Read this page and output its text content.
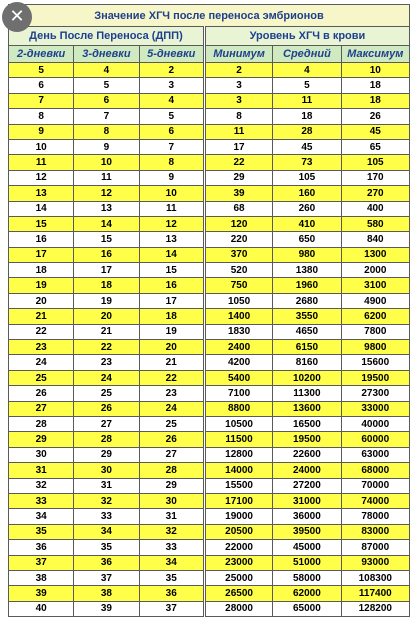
✕	Значение ХГЧ после переноса эмбрионов					
День После Переноса (ДПП)			Уровень ХГЧ в крови		
2-дневки	3-дневки	5-дневки	Минимум	Средний	Максимум
5	4	2	2	4	10
6	5	3	3	5	18
7	6	4	3	11	18
8	7	5	8	18	26
9	8	6	11	28	45
10	9	7	17	45	65
11	10	8	22	73	105
12	11	9	29	105	170
13	12	10	39	160	270
14	13	11	68	260	400
15	14	12	120	410	580
16	15	13	220	650	840
17	16	14	370	980	1300
18	17	15	520	1380	2000
19	18	16	750	1960	3100
20	19	17	1050	2680	4900
21	20	18	1400	3550	6200
22	21	19	1830	4650	7800
23	22	20	2400	6150	9800
24	23	21	4200	8160	15600
25	24	22	5400	10200	19500
26	25	23	7100	11300	27300
27	26	24	8800	13600	33000
28	27	25	10500	16500	40000
29	28	26	11500	19500	60000
30	29	27	12800	22600	63000
31	30	28	14000	24000	68000
32	31	29	15500	27200	70000
33	32	30	17100	31000	74000
34	33	31	19000	36000	78000
35	34	32	20500	39500	83000
36	35	33	22000	45000	87000
37	36	34	23000	51000	93000
38	37	35	25000	58000	108300
39	38	36	26500	62000	117400
40	39	37	28000	65000	128200
